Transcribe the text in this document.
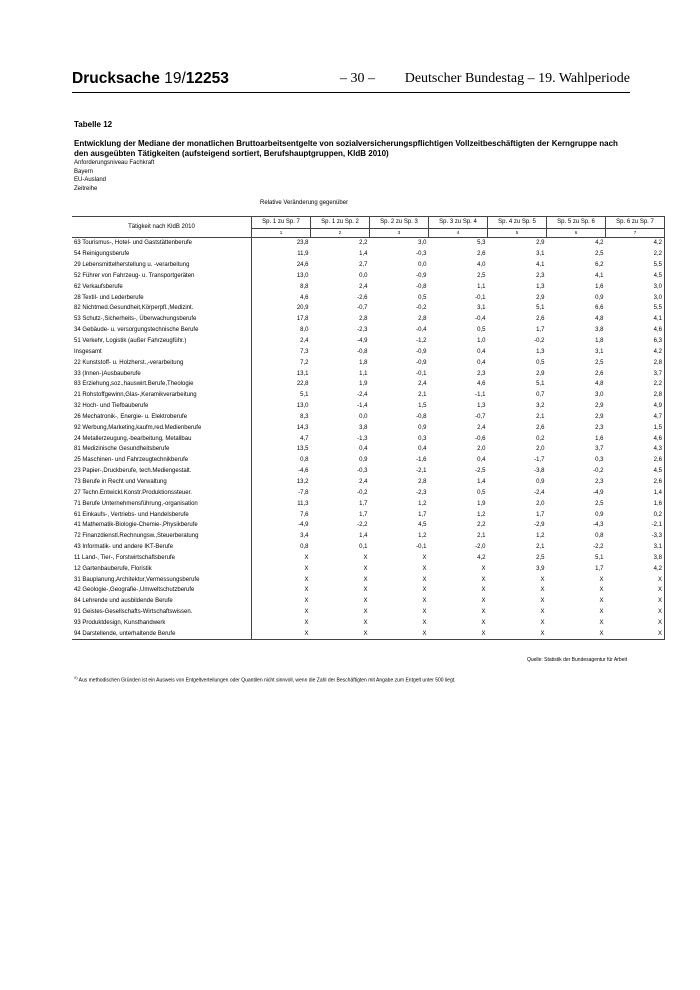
Drucksache 19/12253	– 30 – Deutscher Bundestag – 19. Wahlperiode
Tabelle 12
Entwicklung der Mediane der monatlichen Bruttoarbeitsentgelte von sozialversicherungspflichtigen Vollzeitbeschäftigten der Kerngruppe nach den ausgeübten Tätigkeiten (aufsteigend sortiert, Berufshauptgruppen, KldB 2010)
Anforderungsniveau Fachkraft
Bayern
EU-Ausland
Zeitreihe
Relative Veränderung gegenüber
Tätigkeit nach KldB 2010	Sp. 1 zu Sp. 7	Sp. 1 zu Sp. 2	Sp. 2 zu Sp. 3	Sp. 3 zu Sp. 4	Sp. 4 zu Sp. 5	Sp. 5 zu Sp. 6	Sp. 6 zu Sp. 7
	1	2	3	4	5	6	7
63 Tourismus-, Hotel- und Gaststättenberufe	23,8	2,2	3,0	5,3	2,9	4,2	4,2
54 Reinigungsberufe	11,9	1,4	-0,3	2,6	3,1	2,5	2,2
29 Lebensmittelherstellung u. -verarbeitung	24,6	2,7	0,0	4,0	4,1	6,2	5,5
52 Führer von Fahrzeug- u. Transportgeräten	13,0	0,0	-0,9	2,5	2,3	4,1	4,5
62 Verkaufsberufe	8,8	2,4	-0,8	1,1	1,3	1,6	3,0
28 Textil- und Lederberufe	4,6	-2,6	0,5	-0,1	2,9	0,9	3,0
82 Nichtmed.Gesundheit,Körperpfl.,Medizint.	20,9	-0,7	-0,2	3,1	5,1	6,6	5,5
53 Schutz-,Sicherheits-, Überwachungsberufe	17,8	2,8	2,8	-0,4	2,6	4,8	4,1
34 Gebäude- u. versorgungstechnische Berufe	8,0	-2,3	-0,4	0,5	1,7	3,8	4,6
51 Verkehr, Logistik (außer Fahrzeugführ.)	2,4	-4,9	-1,2	1,0	-0,2	1,8	6,3
Insgesamt	7,3	-0,8	-0,9	0,4	1,3	3,1	4,2
22 Kunststoff- u. Holzherst.,-verarbeitung	7,2	1,8	-0,9	0,4	0,5	2,5	2,8
33 (Innen-)Ausbauberufe	13,1	1,1	-0,1	2,3	2,9	2,6	3,7
83 Erziehung,soz.,hauswirt.Berufe,Theologie	22,8	1,9	2,4	4,6	5,1	4,8	2,2
21 Rohstoffgewinn,Glas-,Keramikverarbeitung	5,1	-2,4	2,1	-1,1	0,7	3,0	2,8
32 Hoch- und Tiefbauberufe	13,0	-1,4	1,5	1,3	3,2	2,9	4,9
26 Mechatronik-, Energie- u. Elektroberufe	8,3	0,0	-0,8	-0,7	2,1	2,9	4,7
92 Werbung,Marketing,kaufm,red.Medienberufe	14,3	3,8	0,9	2,4	2,6	2,3	1,5
24 Metallerzeugung,-bearbeitung, Metallbau	4,7	-1,3	0,3	-0,6	0,2	1,6	4,6
81 Medizinische Gesundheitsberufe	13,5	0,4	0,4	2,0	2,0	3,7	4,3
25 Maschinen- und Fahrzeugtechnikberufe	0,8	0,9	-1,6	0,4	-1,7	0,3	2,6
23 Papier-,Druckberufe, tech.Mediengestalt.	-4,6	-0,3	-2,1	-2,5	-3,8	-0,2	4,5
73 Berufe in Recht und Verwaltung	13,2	2,4	2,8	1,4	0,9	2,3	2,6
27 Techn.Entwickl.Konstr.Produktionssteuer.	-7,8	-0,2	-2,3	0,5	-2,4	-4,9	1,4
71 Berufe Unternehmensführung,-organisation	11,3	1,7	1,2	1,9	2,0	2,5	1,6
61 Einkaufs-, Vertriebs- und Handelsberufe	7,6	1,7	1,7	1,2	1,7	0,9	0,2
41 Mathematik-Biologie-Chemie-,Physikberufe	-4,9	-2,2	4,5	2,2	-2,9	-4,3	-2,1
72 Finanzdienstl.Rechnungsw.,Steuerberatung	3,4	1,4	1,2	2,1	1,2	0,8	-3,3
43 Informatik- und andere IKT-Berufe	0,8	0,1	-0,1	-2,0	2,1	-2,2	3,1
11 Land-, Tier-, Forstwirtschaftsberufe	X	X	X	4,2	2,5	5,1	3,8
12 Gartenbauberufe, Floristik	X	X	X	X	3,9	1,7	4,2
31 Bauplanung,Architektur,Vermessungsberufe	X	X	X	X	X	X	X
42 Geologie-,Geografie-,Umweltschutzberufe	X	X	X	X	X	X	X
84 Lehrende und ausbildende Berufe	X	X	X	X	X	X	X
91 Geistes-Gesellschafts-Wirtschaftswissen.	X	X	X	X	X	X	X
93 Produktdesign, Kunsthandwerk	X	X	X	X	X	X	X
94 Darstellende, unterhaltende Berufe	X	X	X	X	X	X	X
Quelle: Statistik der Bundesagentur für Arbeit
$^{X)}$ Aus methodischen Gründen ist ein Ausweis von Entgeltverteilungen oder Quantilen nicht sinnvoll, wenn die Zahl der Beschäftigten mit Angabe zum Entgelt unter 500 liegt.
